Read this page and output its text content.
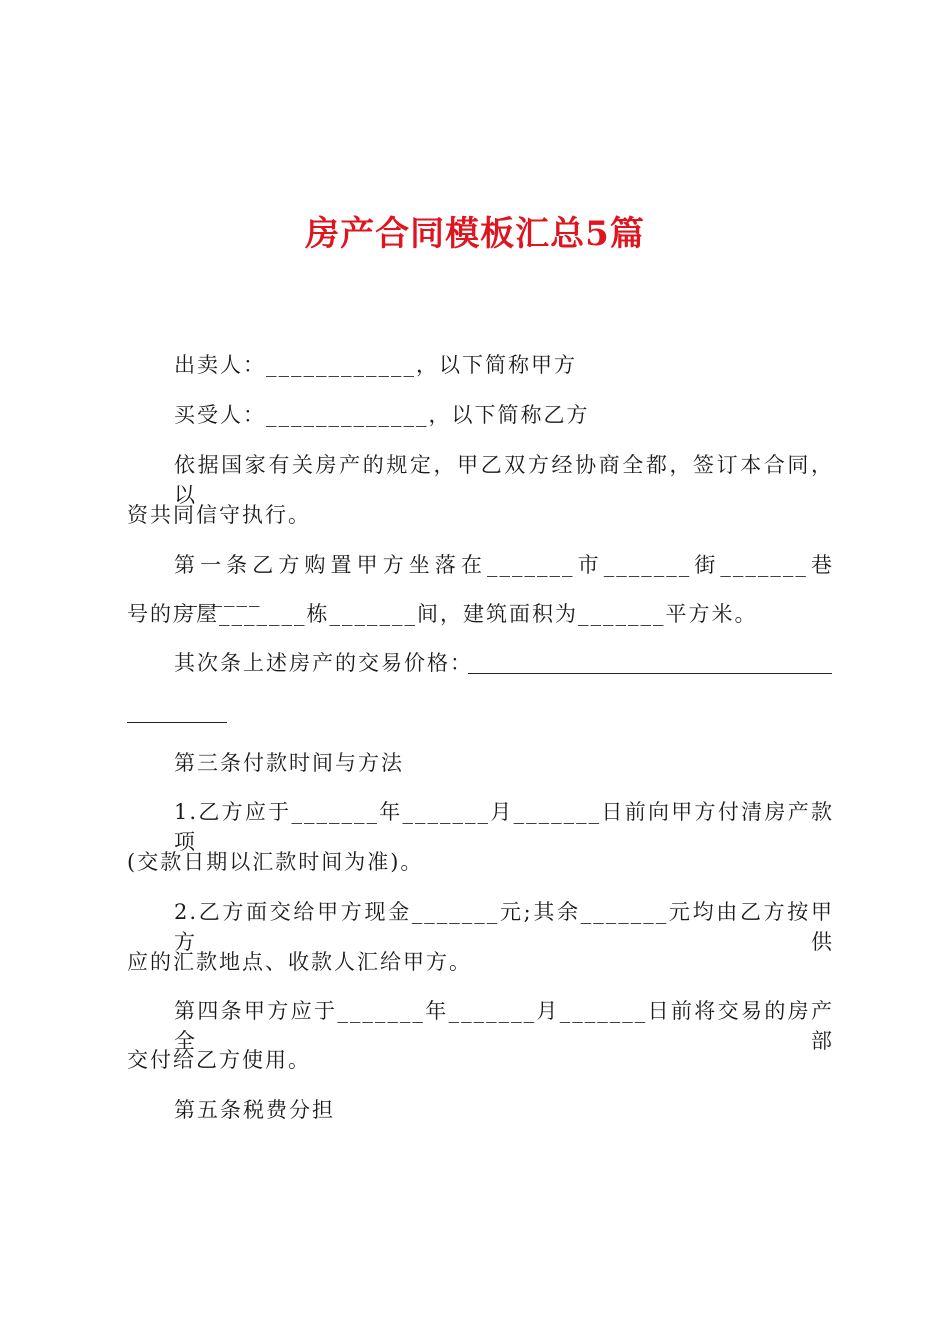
房产合同模板汇总5篇
出卖人：____________，以下简称甲方
买受人：_____________，以下简称乙方
依据国家有关房产的规定，甲乙双方经协商全都，签订本合同，以
资共同信守执行。
第一条乙方购置甲方坐落在_______市_______街_______巷_______
号的房屋_______栋_______间，建筑面积为_______平方米。
其次条上述房产的交易价格：
第三条付款时间与方法
1.乙方应于_______年_______月_______日前向甲方付清房产款项
(交款日期以汇款时间为准)。
2.乙方面交给甲方现金_______元;其余_______元均由乙方按甲方供
应的汇款地点、收款人汇给甲方。
第四条甲方应于_______年_______月_______日前将交易的房产全部
交付给乙方使用。
第五条税费分担
